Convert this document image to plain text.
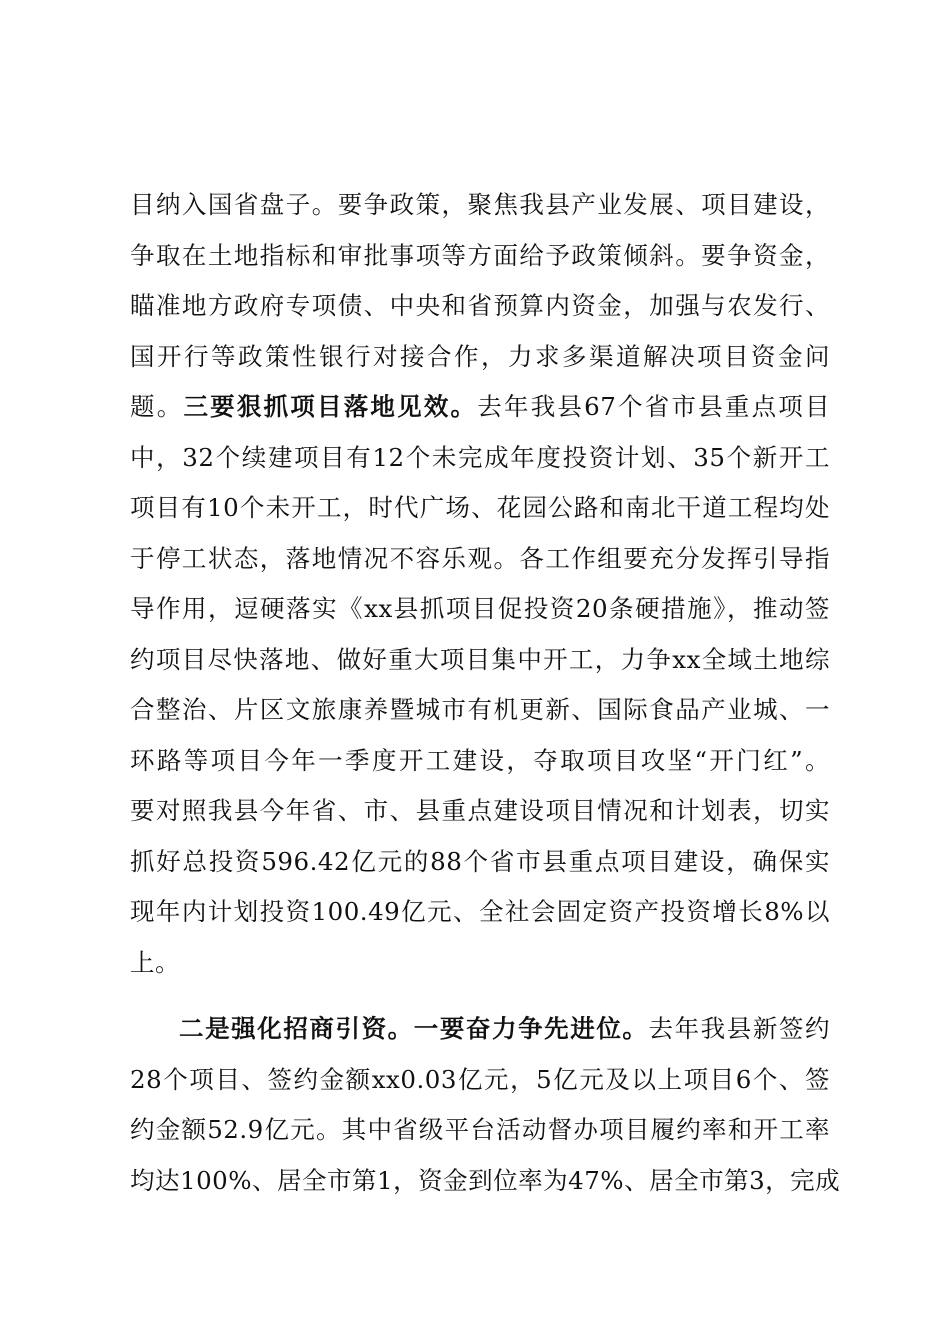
目纳入国省盘子。要争政策，聚焦我县产业发展、项目建设，
争取在土地指标和审批事项等方面给予政策倾斜。要争资金，
瞄准地方政府专项债、中央和省预算内资金，加强与农发行、
国开行等政策性银行对接合作，力求多渠道解决项目资金问
题。三要狠抓项目落地见效。去年我县67个省市县重点项目
中，32个续建项目有12个未完成年度投资计划、35个新开工
项目有10个未开工，时代广场、花园公路和南北干道工程均处
于停工状态，落地情况不容乐观。各工作组要充分发挥引导指
导作用，逗硬落实《xx县抓项目促投资20条硬措施》，推动签
约项目尽快落地、做好重大项目集中开工，力争xx全域土地综
合整治、片区文旅康养暨城市有机更新、国际食品产业城、一
环路等项目今年一季度开工建设，夺取项目攻坚“开门红”。
要对照我县今年省、市、县重点建设项目情况和计划表，切实
抓好总投资596.42亿元的88个省市县重点项目建设，确保实
现年内计划投资100.49亿元、全社会固定资产投资增长8%以
上。
二是强化招商引资。一要奋力争先进位。去年我县新签约
28个项目、签约金额xx0.03亿元，5亿元及以上项目6个、签
约金额52.9亿元。其中省级平台活动督办项目履约率和开工率
均达100%、居全市第1，资金到位率为47%、居全市第3，完成
